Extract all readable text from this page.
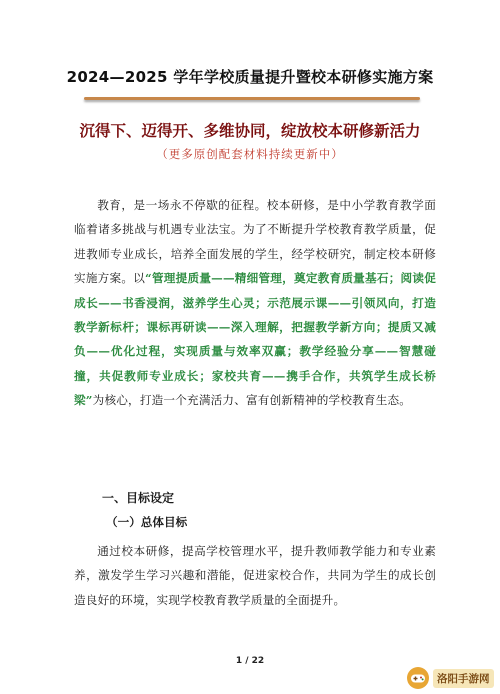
2024—2025 学年学校质量提升暨校本研修实施方案
沉得下、迈得开、多维协同，绽放校本研修新活力
（更多原创配套材料持续更新中）
教育，是一场永不停歇的征程。校本研修，是中小学教育教学面临着诸多挑战与机遇专业法宝。为了不断提升学校教育教学质量，促进教师专业成长，培养全面发展的学生，经学校研究，制定校本研修实施方案。以“管理提质量——精细管理，奠定教育质量基石；阅读促成长——书香浸润，滋养学生心灵；示范展示课——引领风向，打造教学新标杆；课标再研读——深入理解，把握教学新方向；提质又减负——优化过程，实现质量与效率双赢；教学经验分享——智慧碰撞，共促教师专业成长；家校共育——携手合作，共筑学生成长桥梁”为核心，打造一个充满活力、富有创新精神的学校教育生态。
一、目标设定
（一）总体目标
通过校本研修，提高学校管理水平，提升教师教学能力和专业素养，激发学生学习兴趣和潜能，促进家校合作，共同为学生的成长创造良好的环境，实现学校教育教学质量的全面提升。
1 / 22
洛阳手游网
